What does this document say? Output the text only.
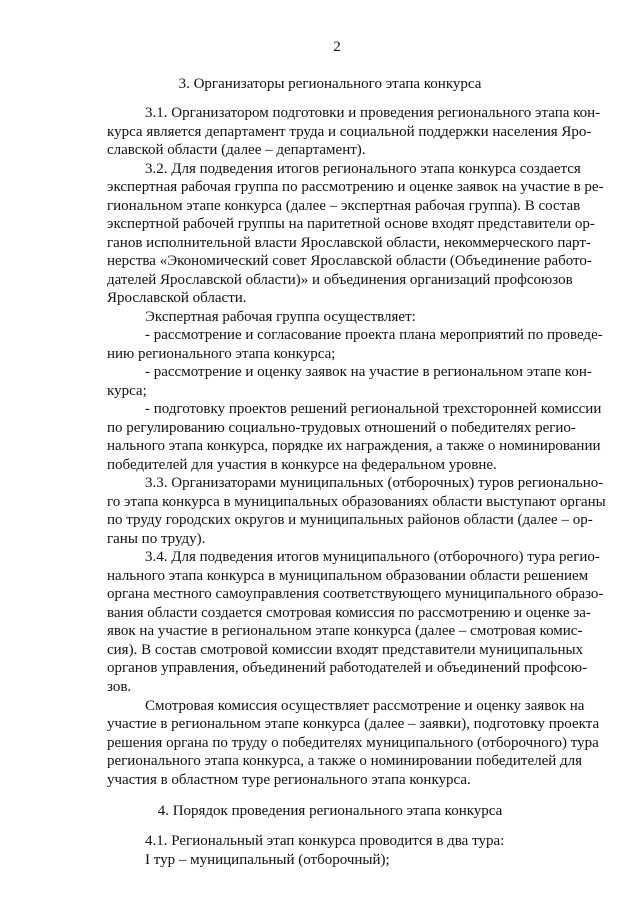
2
3. Организаторы регионального этапа конкурса
3.1. Организатором подготовки и проведения регионального этапа кон-
курса является департамент труда и социальной поддержки населения Яро-
славской области (далее – департамент).
3.2. Для подведения итогов регионального этапа конкурса создается
экспертная рабочая группа по рассмотрению и оценке заявок на участие в ре-
гиональном этапе конкурса (далее – экспертная рабочая группа). В состав
экспертной рабочей группы на паритетной основе входят представители ор-
ганов исполнительной власти Ярославской области, некоммерческого парт-
нерства «Экономический совет Ярославской области (Объединение работо-
дателей Ярославской области)» и объединения организаций профсоюзов
Ярославской области.
Экспертная рабочая группа осуществляет:
- рассмотрение и согласование проекта плана мероприятий по проведе-
нию регионального этапа конкурса;
- рассмотрение и оценку заявок на участие в региональном этапе кон-
курса;
- подготовку проектов решений региональной трехсторонней комиссии
по регулированию социально-трудовых отношений о победителях регио-
нального этапа конкурса, порядке их награждения, а также о номинировании
победителей для участия в конкурсе на федеральном уровне.
3.3. Организаторами муниципальных (отборочных) туров регионально-
го этапа конкурса в муниципальных образованиях области выступают органы
по труду городских округов и муниципальных районов области (далее – ор-
ганы по труду).
3.4. Для подведения итогов муниципального (отборочного) тура регио-
нального этапа конкурса в муниципальном образовании области решением
органа местного самоуправления соответствующего муниципального образо-
вания области создается смотровая комиссия по рассмотрению и оценке за-
явок на участие в региональном этапе конкурса (далее – смотровая комис-
сия). В состав смотровой комиссии входят представители муниципальных
органов управления, объединений работодателей и объединений профсою-
зов.
Смотровая комиссия осуществляет рассмотрение и оценку заявок на
участие в региональном этапе конкурса (далее – заявки), подготовку проекта
решения органа по труду о победителях муниципального (отборочного) тура
регионального этапа конкурса, а также о номинировании победителей для
участия в областном туре регионального этапа конкурса.
4. Порядок проведения регионального этапа конкурса
4.1. Региональный этап конкурса проводится в два тура:
I тур – муниципальный (отборочный);
